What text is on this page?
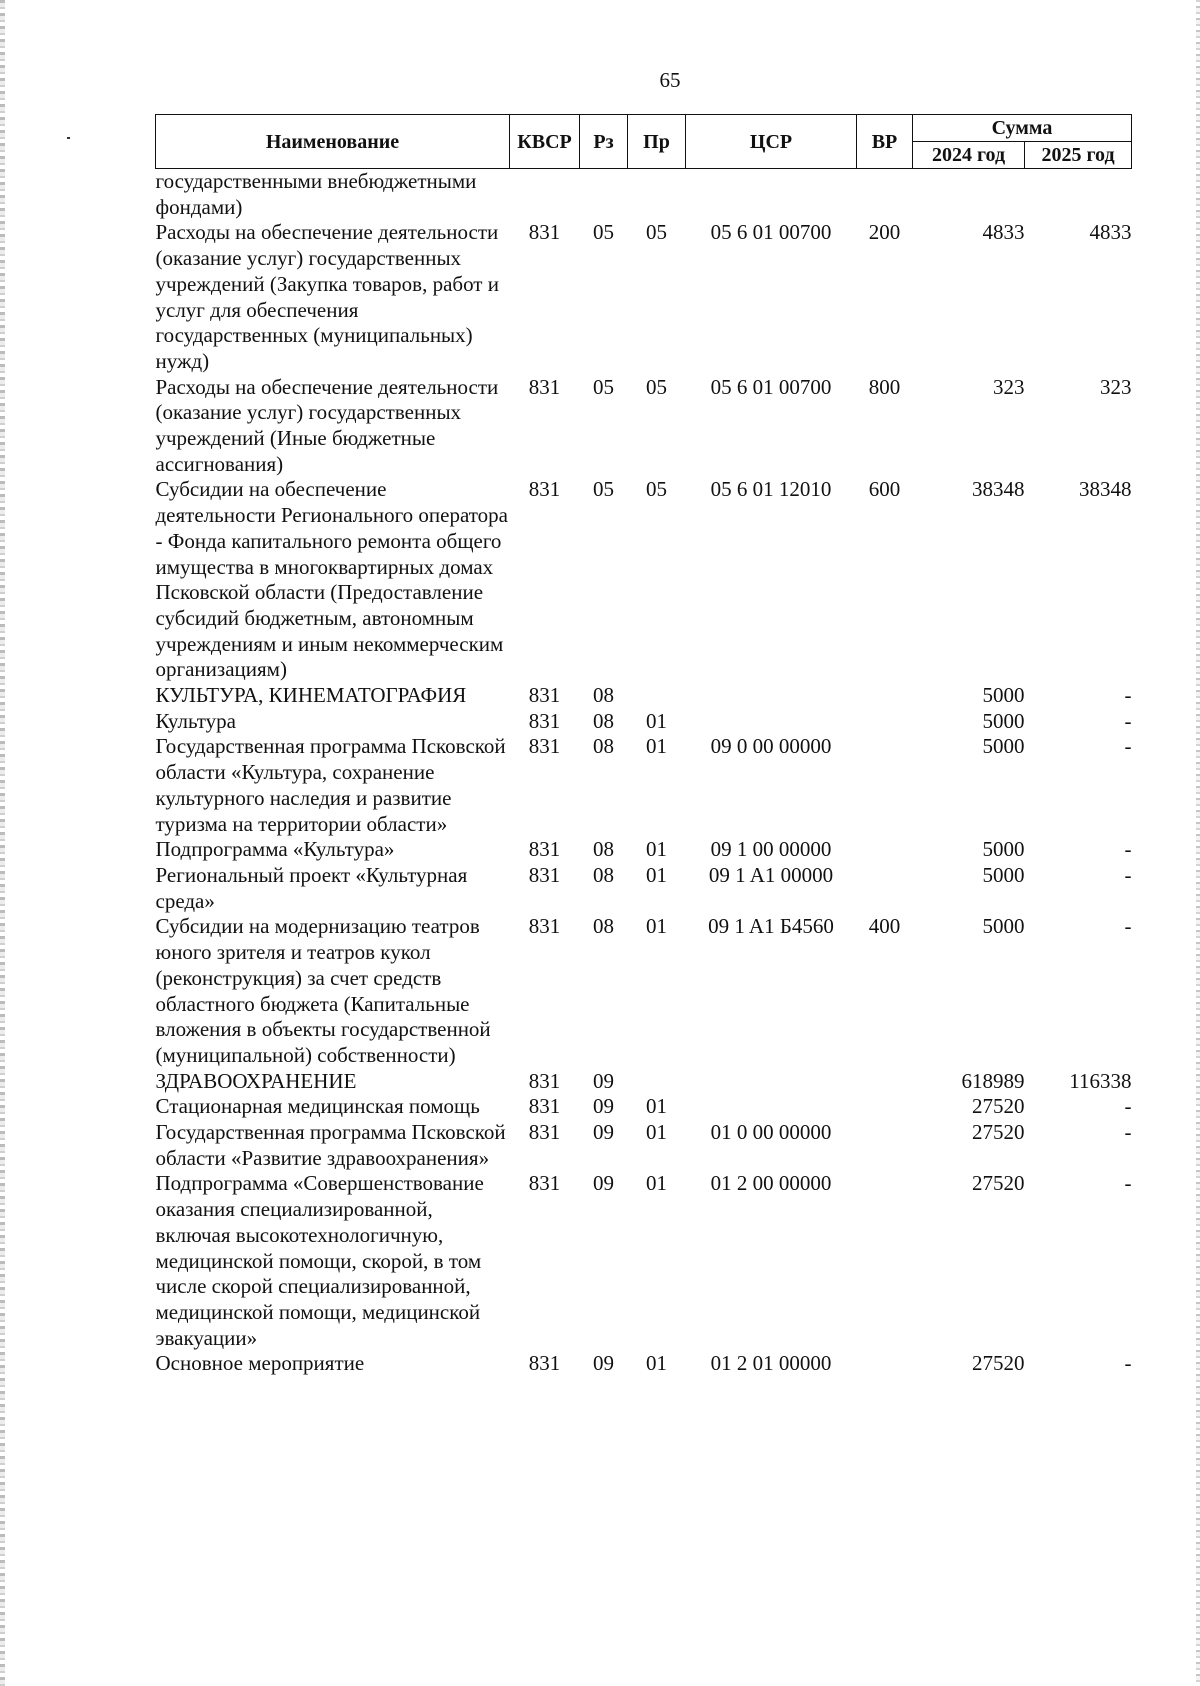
65
Наименование	КВСР	Рз	Пр	ЦСР	ВР	Сумма	
						2024 год	2025 год
государственными внебюджетными фондами)							
Расходы на обеспечение деятельности (оказание услуг) государственных учреждений (Закупка товаров, работ и услуг для обеспечения государственных (муниципальных) нужд)	831	05	05	05 6 01 00700	200	4833	4833
Расходы на обеспечение деятельности (оказание услуг) государственных учреждений (Иные бюджетные ассигнования)	831	05	05	05 6 01 00700	800	323	323
Субсидии на обеспечение деятельности Регионального оператора - Фонда капитального ремонта общего имущества в многоквартирных домах Псковской области (Предоставление субсидий бюджетным, автономным учреждениям и иным некоммерческим организациям)	831	05	05	05 6 01 12010	600	38348	38348
КУЛЬТУРА, КИНЕМАТОГРАФИЯ	831	08				5000	-
Культура	831	08	01			5000	-
Государственная программа Псковской области «Культура, сохранение культурного наследия и развитие туризма на территории области»	831	08	01	09 0 00 00000		5000	-
Подпрограмма «Культура»	831	08	01	09 1 00 00000		5000	-
Региональный проект «Культурная среда»	831	08	01	09 1 A1 00000		5000	-
Субсидии на модернизацию театров юного зрителя и театров кукол (реконструкция) за счет средств областного бюджета (Капитальные вложения в объекты государственной (муниципальной) собственности)	831	08	01	09 1 A1 Б4560	400	5000	-
ЗДРАВООХРАНЕНИЕ	831	09				618989	116338
Стационарная медицинская помощь	831	09	01			27520	-
Государственная программа Псковской области «Развитие здравоохранения»	831	09	01	01 0 00 00000		27520	-
Подпрограмма «Совершенствование оказания специализированной, включая высокотехнологичную, медицинской помощи, скорой, в том числе скорой специализированной, медицинской помощи, медицинской эвакуации»	831	09	01	01 2 00 00000		27520	-
Основное мероприятие	831	09	01	01 2 01 00000		27520	-
